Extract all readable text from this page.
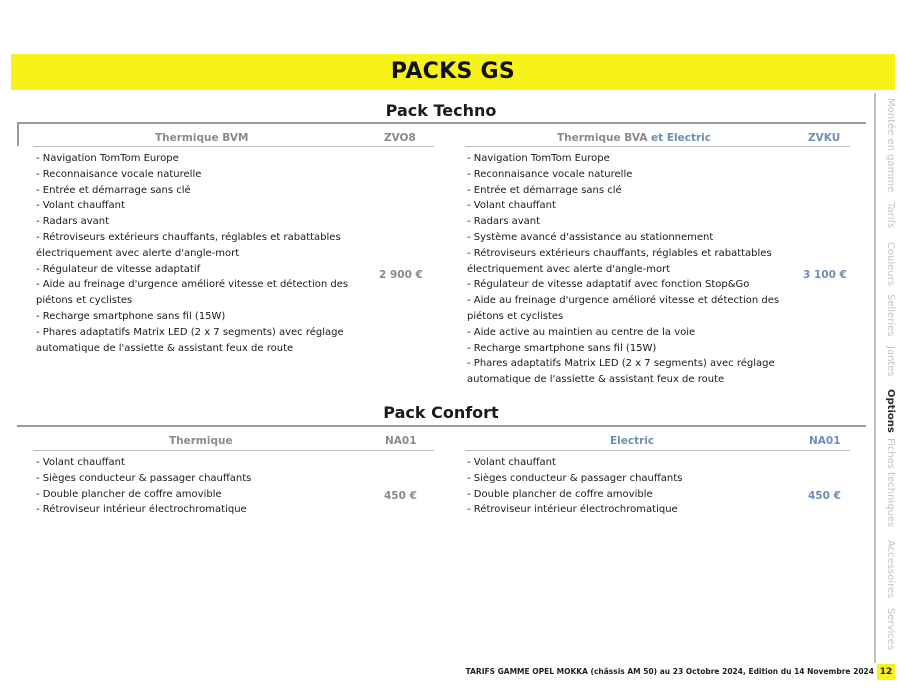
PACKS GS
Pack Techno
Thermique BVM	ZVO8	Thermique BVA et Electric	ZVKU
- Navigation TomTom Europe
- Reconnaisance vocale naturelle
- Entrée et démarrage sans clé
- Volant chauffant
- Radars avant
- Rétroviseurs extérieurs chauffants, réglables et rabattables
électriquement avec alerte d'angle-mort
- Régulateur de vitesse adaptatif
- Aide au freinage d'urgence amélioré vitesse et détection des
piétons et cyclistes
- Recharge smartphone sans fil (15W)
- Phares adaptatifs Matrix LED (2 x 7 segments) avec réglage
automatique de l'assiette & assistant feux de route
2 900 €
- Navigation TomTom Europe
- Reconnaisance vocale naturelle
- Entrée et démarrage sans clé
- Volant chauffant
- Radars avant
- Système avancé d'assistance au stationnement
- Rétroviseurs extérieurs chauffants, réglables et rabattables
électriquement avec alerte d'angle-mort
- Régulateur de vitesse adaptatif avec fonction Stop&Go
- Aide au freinage d'urgence amélioré vitesse et détection des
piétons et cyclistes
- Aide active au maintien au centre de la voie
- Recharge smartphone sans fil (15W)
- Phares adaptatifs Matrix LED (2 x 7 segments) avec réglage
automatique de l'assiette & assistant feux de route
3 100 €
Pack Confort
Thermique	NA01	Electric	NA01
- Volant chauffant
- Sièges conducteur & passager chauffants
- Double plancher de coffre amovible
- Rétroviseur intérieur électrochromatique
450 €
- Volant chauffant
- Sièges conducteur & passager chauffants
- Double plancher de coffre amovible
- Rétroviseur intérieur électrochromatique
450 €
Montée en gamme
Tarifs
Couleurs
Selleries
Jantes
Options
Fiches techniques
Accessoires
Services
TARIFS GAMME OPEL MOKKA (châssis AM 50) au 23 Octobre 2024, Edition du 14 Novembre 2024 12
